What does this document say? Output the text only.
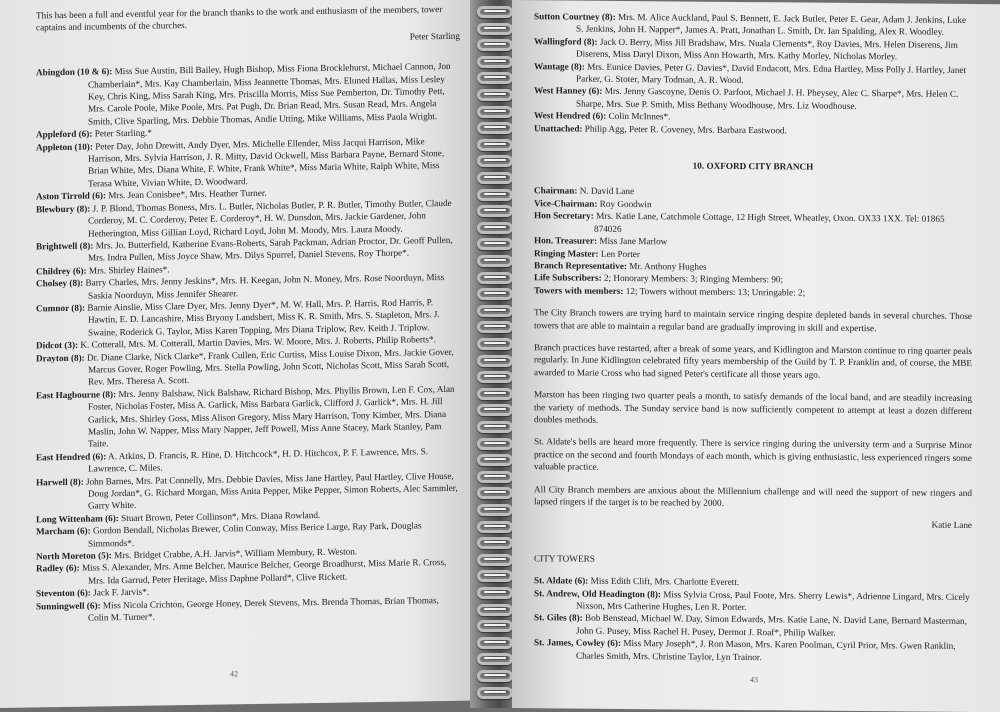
This has been a full and eventful year for the branch thanks to the work and enthusiasm of the members, tower captains and incumbents of the churches.

Peter Starling

Abingdon (10 & 6): Miss Sue Austin, Bill Bailey, Hugh Bishop, Miss Fiona Brocklehurst, Michael Cannon, Jon Chamberlain*, Mrs. Kay Chamberlain, Miss Jeannette Thomas, Mrs. Eluned Hallas, Miss Lesley Key, Chris King, Miss Sarah King, Mrs. Priscilla Morris, Miss Sue Pemberton, Dr. Timothy Pett, Mrs. Carole Poole, Mike Poole, Mrs. Pat Pugh, Dr. Brian Read, Mrs. Susan Read, Mrs. Angela Smith, Clive Sparling, Mrs. Debbie Thomas, Andie Utting, Mike Williams, Miss Paula Wright.

Appleford (6): Peter Starling.*

Appleton (10): Peter Day, John Drewitt, Andy Dyer, Mrs. Michelle Ellender, Miss Jacqui Harrison, Mike Harrison, Mrs. Sylvia Harrison, J. R. Mitty, David Ockwell, Miss Barbara Payne, Bernard Stone, Brian White, Mrs. Diana White, F. White, Frank White*, Miss Maria White, Ralph White, Miss Terasa White, Vivian White, D. Woodward.

Aston Tirrold (6): Mrs. Jean Conisbee*, Mrs. Heather Turner.

Blewbury (8): J. P. Blond, Thomas Boness, Mrs. L. Butler, Nicholas Butler, P. R. Butler, Timothy Butler, Claude Corderoy, M. C. Corderoy, Peter E. Corderoy*, H. W. Dunsdon, Mrs. Jackie Gardener, John Hetherington, Miss Gillian Loyd, Richard Loyd, John M. Moody, Mrs. Laura Moody.

Brightwell (8): Mrs. Jo. Butterfield, Katherine Evans-Roberts, Sarah Packman, Adrian Proctor, Dr. Geoff Pullen, Mrs. Indra Pullen, Miss Joyce Shaw, Mrs. Dilys Spurrel, Daniel Stevens, Roy Thorpe*.

Childrey (6): Mrs. Shirley Haines*.

Cholsey (8): Barry Charles, Mrs. Jenny Jeskins*, Mrs. H. Keegan, John N. Money, Mrs. Rose Noorduyn, Miss Saskia Noorduyn, Miss Jennifer Shearer.

Cumnor (8): Barnie Ainslie, Miss Clare Dyer, Mrs. Jenny Dyer*, M. W. Hall, Mrs. P. Harris, Rod Harris, P. Hawtin, E. D. Lancashire, Miss Bryony Landsbert, Miss K. R. Smith, Mrs. S. Stapleton, Mrs. J. Swaine, Roderick G. Taylor, Miss Karen Topping, Mrs Diana Triplow, Rev. Keith J. Triplow.

Didcot (3): K. Cotterall, Mrs. M. Cotterall, Martin Davies, Mrs. W. Moore, Mrs. J. Roberts, Philip Roberts*.

Drayton (8): Dr. Diane Clarke, Nick Clarke*, Frank Cullen, Eric Curtiss, Miss Louise Dixon, Mrs. Jackie Gover, Marcus Gover, Roger Powling, Mrs. Stella Powling, John Scott, Nicholas Scott, Miss Sarah Scott, Rev. Mrs. Theresa A. Scott.

East Hagbourne (8): Mrs. Jenny Balshaw, Nick Balshaw, Richard Bishop, Mrs. Phyllis Brown, Len F. Cox, Alan Foster, Nicholas Foster, Miss A. Garlick, Miss Barbara Garlick, Clifford J. Garlick*, Mrs. H. Jill Garlick, Mrs. Shirley Goss, Miss Alison Gregory, Miss Mary Harrison, Tony Kimber, Mrs. Diana Maslin, John W. Napper, Miss Mary Napper, Jeff Powell, Miss Anne Stacey, Mark Stanley, Pam Taite.

East Hendred (6): A. Atkins, D. Francis, R. Hine, D. Hitchcock*, H. D. Hitchcox, P. F. Lawrence, Mrs. S. Lawrence, C. Miles.

Harwell (8): John Barnes, Mrs. Pat Connelly, Mrs. Debbie Davies, Miss Jane Hartley, Paul Hartley, Clive House, Doug Jordan*, G. Richard Morgan, Miss Anita Pepper, Mike Pepper, Simon Roberts, Alec Sammler, Garry White.

Long Wittenham (6): Stuart Brown, Peter Collinson*, Mrs. Diana Rowland.

Marcham (6): Gordon Bendall, Nicholas Brewer, Colin Conway, Miss Berice Large, Ray Park, Douglas Simmonds*.

North Moreton (5): Mrs. Bridget Crabbe, A.H. Jarvis*, William Membury, R. Weston.

Radley (6): Miss S. Alexander, Mrs. Anne Belcher, Maurice Belcher, George Broadhurst, Miss Marie R. Cross, Mrs. Ida Garrud, Peter Heritage, Miss Daphne Pollard*, Clive Rickett.

Steventon (6): Jack F. Jarvis*.

Sunningwell (6): Miss Nicola Crichton, George Honey, Derek Stevens, Mrs. Brenda Thomas, Brian Thomas, Colin M. Turner*.

42

Sutton Courtney (8): Mrs. M. Alice Auckland, Paul S. Bennett, E. Jack Butler, Peter E. Gear, Adam J. Jenkins, Luke S. Jenkins, John H. Napper*, James A. Pratt, Jonathan L. Smith, Dr. Ian Spalding, Alex R. Woodley.

Wallingford (8): Jack O. Berry, Miss Jill Bradshaw, Mrs. Nuala Clements*, Roy Davies, Mrs. Helen Diserens, Jim Diserens, Miss Daryl Dixon, Miss Ann Howarth, Mrs. Kathy Morley, Nicholas Morley.

Wantage (8): Mrs. Eunice Davies, Peter G. Davies*, David Endacott, Mrs. Edna Hartley, Miss Polly J. Hartley, Janet Parker, G. Stoter, Mary Todman, A. R. Wood.

West Hanney (6): Mrs. Jenny Gascoyne, Denis O. Parfoot, Michael J. H. Pheysey, Alec C. Sharpe*, Mrs. Helen C. Sharpe, Mrs. Sue P. Smith, Miss Bethany Woodhouse, Mrs. Liz Woodhouse.

West Hendred (6): Colin McInnes*.

Unattached: Philip Agg, Peter R. Coveney, Mrs. Barbara Eastwood.

10. OXFORD CITY BRANCH

Chairman: N. David Lane

Vice-Chairman: Roy Goodwin

Hon Secretary: Mrs. Katie Lane, Catchmole Cottage, 12 High Street, Wheatley, Oxon. OX33 1XX. Tel: 01865 874026

Hon. Treasurer: Miss Jane Marlow

Ringing Master: Len Porter

Branch Representative: Mr. Anthony Hughes

Life Subscribers: 2; Honorary Members: 3; Ringing Members: 90;

Towers with members: 12; Towers without members: 13; Unringable: 2;

The City Branch towers are trying hard to maintain service ringing despite depleted bands in several churches. Those towers that are able to maintain a regular band are gradually improving in skill and expertise.

Branch practices have restarted, after a break of some years, and Kidlington and Marston continue to ring quarter peals regularly. In June Kidlington celebrated fifty years membership of the Guild by T. P. Franklin and, of course, the MBE awarded to Marie Cross who had signed Peter's certificate all those years ago.

Marston has been ringing two quarter peals a month, to satisfy demands of the local band, and are steadily increasing the variety of methods. The Sunday service band is now sufficiently competent to attempt at least a dozen different doubles methods.

St. Aldate's bells are heard more frequently. There is service ringing during the university term and a Surprise Minor practice on the second and fourth Mondays of each month, which is giving enthusiastic, less experienced ringers some valuable practice.

All City Branch members are anxious about the Millennium challenge and will need the support of new ringers and lapsed ringers if the target is to be reached by 2000.

Katie Lane

CITY TOWERS

St. Aldate (6): Miss Edith Clift, Mrs. Charlotte Everett.

St. Andrew, Old Headington (8): Miss Sylvia Cross, Paul Foote, Mrs. Sherry Lewis*, Adrienne Lingard, Mrs. Cicely Nixson, Mrs Catherine Hughes, Len R. Porter.

St. Giles (8): Bob Benstead, Michael W. Day, Simon Edwards, Mrs. Katie Lane, N. David Lane, Bernard Masterman, John G. Pusey, Miss Rachel H. Pusey, Dermot J. Roaf*, Philip Walker.

St. James, Cowley (6): Miss Mary Joseph*, J. Ron Mason, Mrs. Karen Poolman, Cyril Prior, Mrs. Gwen Ranklin, Charles Smith, Mrs. Christine Taylor, Lyn Trainor.

43
